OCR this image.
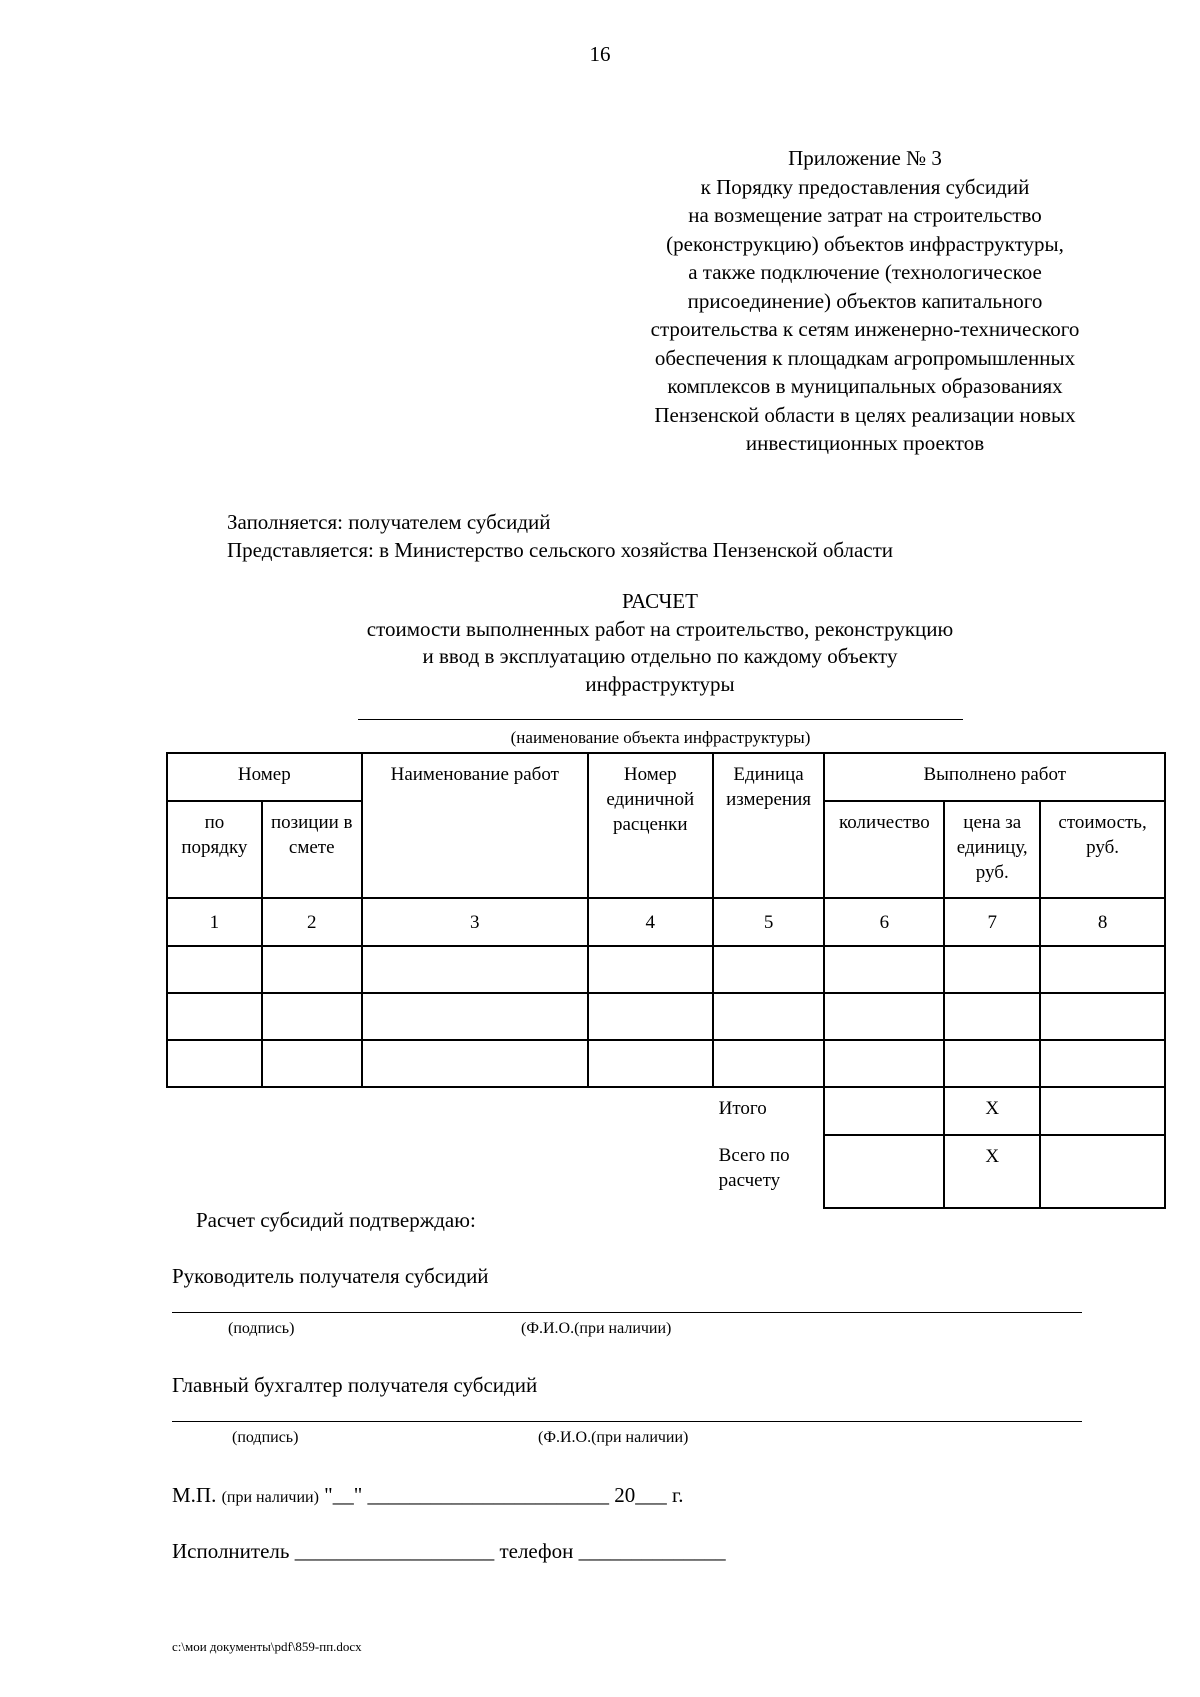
16
Приложение № 3
к Порядку предоставления субсидий
на возмещение затрат на строительство
(реконструкцию) объектов инфраструктуры,
а также подключение (технологическое
присоединение) объектов капитального
строительства к сетям инженерно-технического
обеспечения к площадкам агропромышленных
комплексов в муниципальных образованиях
Пензенской области в целях реализации новых
инвестиционных проектов
Заполняется: получателем субсидий
Представляется: в Министерство сельского хозяйства Пензенской области
РАСЧЕТ
стоимости выполненных работ на строительство, реконструкцию
и ввод в эксплуатацию отдельно по каждому объекту
инфраструктуры
(наименование объекта инфраструктуры)
Номер		Наименование работ	Номер единичной расценки	Единица измерения	Выполнено работ		
по порядку	позиции в смете				количество	цена за единицу, руб.	стоимость, руб.
1	2	3	4	5	6	7	8

				Итого		Х	
				Всего по расчету		Х	
Расчет субсидий подтверждаю:
Руководитель получателя субсидий
(подпись)	(Ф.И.О.(при наличии)
Главный бухгалтер получателя субсидий
(подпись)	(Ф.И.О.(при наличии)
М.П. (при наличии) "__" _______________________ 20___ г.
Исполнитель ___________________ телефон ______________
c:\мои документы\pdf\859-пп.docx
